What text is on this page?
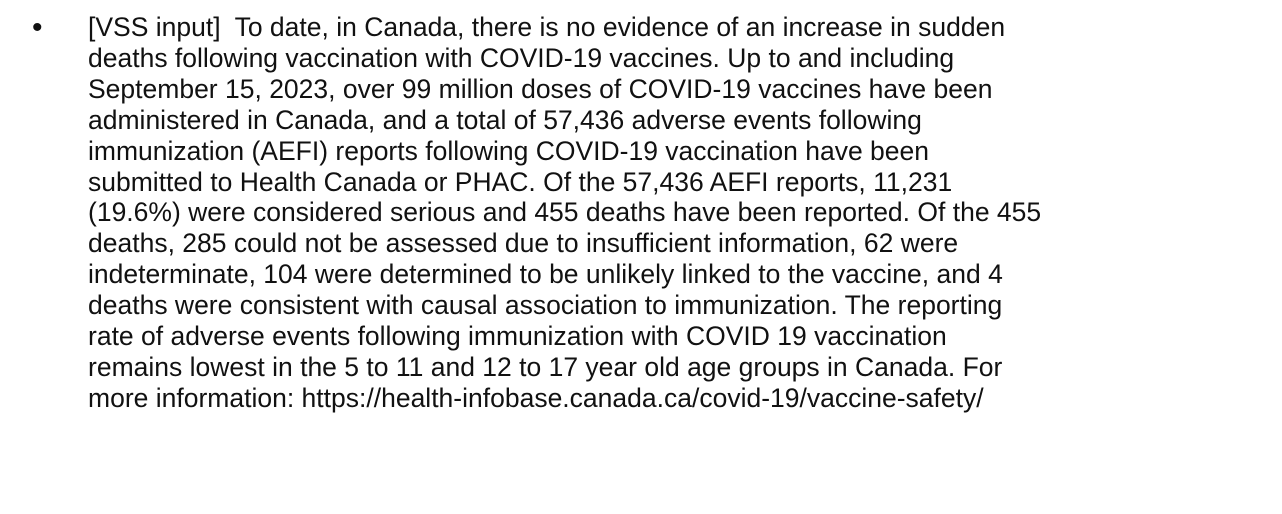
•	[VSS input] To date, in Canada, there is no evidence of an increase in sudden
deaths following vaccination with COVID-19 vaccines. Up to and including
September 15, 2023, over 99 million doses of COVID-19 vaccines have been
administered in Canada, and a total of 57,436 adverse events following
immunization (AEFI) reports following COVID-19 vaccination have been
submitted to Health Canada or PHAC. Of the 57,436 AEFI reports, 11,231
(19.6%) were considered serious and 455 deaths have been reported. Of the 455
deaths, 285 could not be assessed due to insufficient information, 62 were
indeterminate, 104 were determined to be unlikely linked to the vaccine, and 4
deaths were consistent with causal association to immunization. The reporting
rate of adverse events following immunization with COVID 19 vaccination
remains lowest in the 5 to 11 and 12 to 17 year old age groups in Canada. For
more information: https://health-infobase.canada.ca/covid-19/vaccine-safety/
